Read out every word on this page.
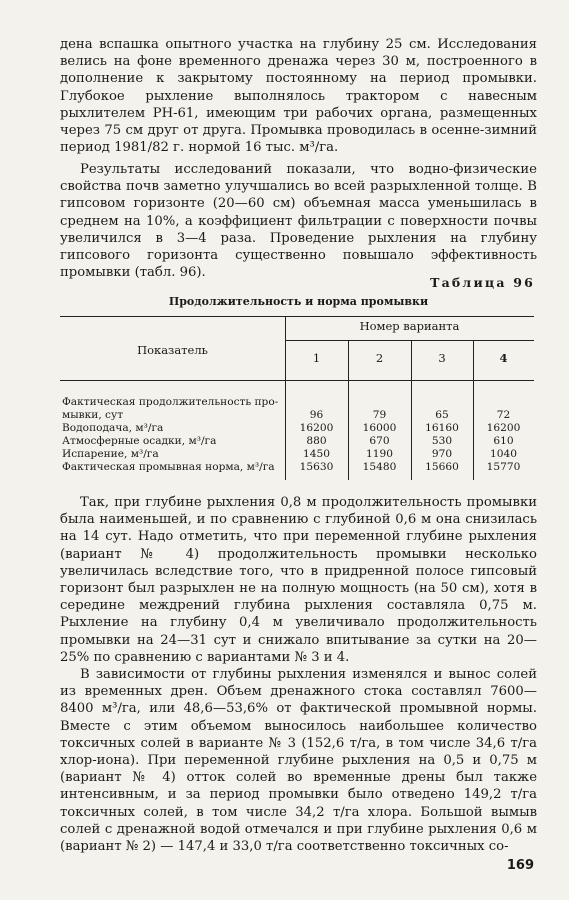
дена вспашка опытного участка на глубину 25 см. Исследования велись на фоне временного дренажа через 30 м, построенного в дополнение к закрытому постоянному на период промывки. Глубокое рыхление выполнялось трактором с навесным рыхлителем РН-61, имеющим три рабочих органа, размещенных через 75 см друг от друга. Промывка проводилась в осенне-зимний период 1981/82 г. нормой 16 тыс. м³/га.

Результаты исследований показали, что водно-физические свойства почв заметно улучшались во всей разрыхленной толще. В гипсовом горизонте (20—60 см) объемная масса уменьшилась в среднем на 10%, а коэффициент фильтрации с поверхности почвы увеличился в 3—4 раза. Проведение рыхления на глубину гипсового горизонта существенно повышало эффективность промывки (табл. 96).

Таблица 96
Продолжительность и норма промывки
Показатель
Номер варианта
1	2	3	4
Фактическая продолжительность про-
мывки, сут	96	79	65	72
Водоподача, м³/га	16200	16000	16160	16200
Атмосферные осадки, м³/га	880	670	530	610
Испарение, м³/га	1450	1190	970	1040
Фактическая промывная норма, м³/га	15630	15480	15660	15770

Так, при глубине рыхления 0,8 м продолжительность промывки была наименьшей, и по сравнению с глубиной 0,6 м она снизилась на 14 сут. Надо отметить, что при переменной глубине рыхления (вариант № 4) продолжительность промывки несколько увеличилась вследствие того, что в придренной полосе гипсовый горизонт был разрыхлен не на полную мощность (на 50 см), хотя в середине междрений глубина рыхления составляла 0,75 м. Рыхление на глубину 0,4 м увеличивало продолжительность промывки на 24—31 сут и снижало впитывание за сутки на 20—25% по сравнению с вариантами № 3 и 4.

В зависимости от глубины рыхления изменялся и вынос солей из временных дрен. Объем дренажного стока составлял 7600—8400 м³/га, или 48,6—53,6% от фактической промывной нормы. Вместе с этим объемом выносилось наибольшее количество токсичных солей в варианте № 3 (152,6 т/га, в том числе 34,6 т/га хлор-иона). При переменной глубине рыхления на 0,5 и 0,75 м (вариант № 4) отток солей во временные дрены был также интенсивным, и за период промывки было отведено 149,2 т/га токсичных солей, в том числе 34,2 т/га хлора. Большой вымыв солей с дренажной водой отмечался и при глубине рыхления 0,6 м (вариант № 2) — 147,4 и 33,0 т/га соответственно токсичных со-

169
